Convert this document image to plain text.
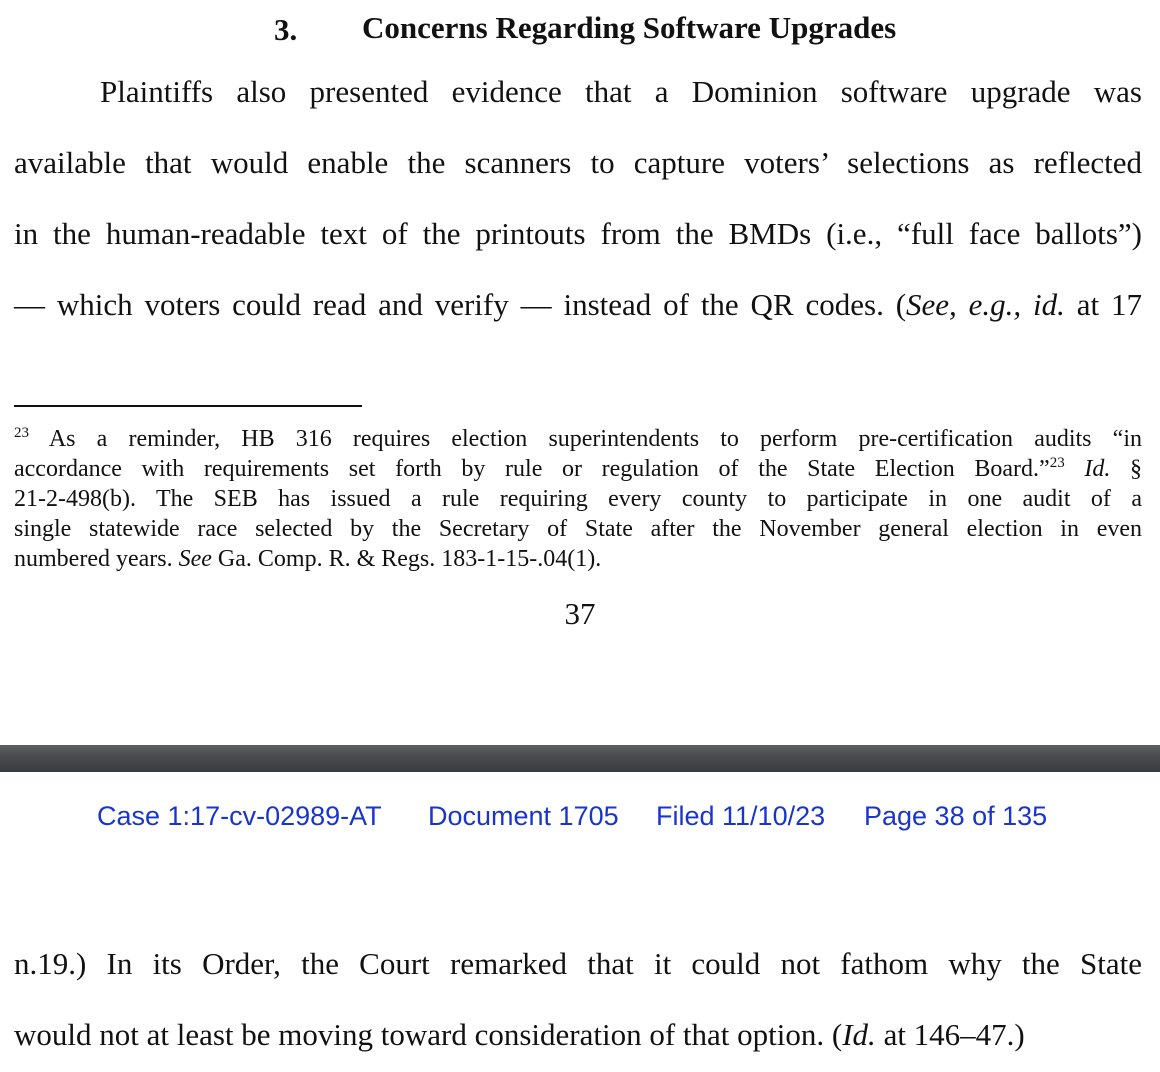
3. Concerns Regarding Software Upgrades
Plaintiffs also presented evidence that a Dominion software upgrade was
available that would enable the scanners to capture voters’ selections as reflected
in the human-readable text of the printouts from the BMDs (i.e., “full face ballots”)
— which voters could read and verify — instead of the QR codes. (See, e.g., id. at 17
$^{23}$ As a reminder, HB 316 requires election superintendents to perform pre-certification audits “in
accordance with requirements set forth by rule or regulation of the State Election Board.”$^{23}$ Id. §
21-2-498(b). The SEB has issued a rule requiring every county to participate in one audit of a
single statewide race selected by the Secretary of State after the November general election in even
numbered years. See Ga. Comp. R. & Regs. 183-1-15-.04(1).
37
Case 1:17-cv-02989-AT Document 1705 Filed 11/10/23 Page 38 of 135
n.19.) In its Order, the Court remarked that it could not fathom why the State
would not at least be moving toward consideration of that option. (Id. at 146–47.)
